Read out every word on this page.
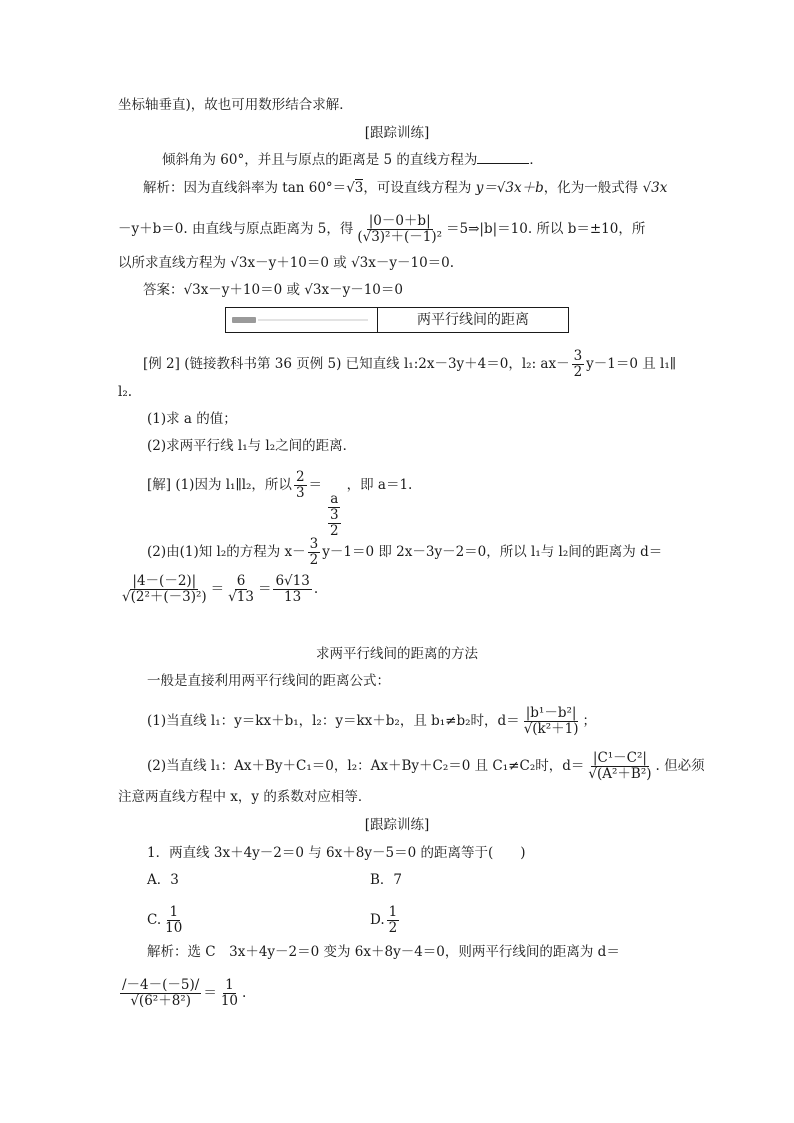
坐标轴垂直)，故也可用数形结合求解．
[跟踪训练]
倾斜角为 60°，并且与原点的距离是 5 的直线方程为	．
解析：因为直线斜率为 tan 60°＝√ 3，可设直线方程为 y＝√3x＋b，化为一般式得 √3x
－y＋b＝0. 由直线与原点距离为 5，得 $\frac{|0-0+b|}{\text{(√3)²＋(－1)²}}$ ＝5⇒|b|＝10. 所以 b＝±10，所
以所求直线方程为 √3x－y＋10＝0 或 √3x－y－10＝0.
答案：√3x－y＋10＝0 或 √3x－y－10＝0
两平行线间的距离
[例 2] (链接教科书第 36 页例 5) 已知直线 l₁:2x－3y＋4＝0，l₂: $ax- \frac{3}{2} y-1=0$ 且 l₁∥
l₂.
(1)求 a 的值；
(2)求两平行线 l₁与 l₂之间的距离．
[解] (1)因为 l₁∥l₂，所以 $\frac{2}{3}$ ＝
$\frac{a}{\frac{3}{2}}$
，即 a＝1.
(2)由(1)知 l₂的方程为 $x- \frac{3}{2} y-1=0$ 即 2x－3y－2＝0，所以 l₁与 l₂间的距离为 d＝
$\frac{|4-(-2)|}{\text{√(2²＋(－3)²)}} = \frac{6}{√13} = \frac{6√13}{13}$ .
求两平行线间的距离的方法
一般是直接利用两平行线间的距离公式：
(1)当直线 l₁：y＝kx＋b₁，l₂：y＝kx＋b₂，且 b₁≠b₂时，$d= \frac{\text{|b¹－b²|}}{\text{√(k²＋1)}}$ ；
(2)当直线 l₁：Ax＋By＋C₁＝0，l₂：Ax＋By＋C₂＝0 且 C₁≠C₂时，$d= \frac{\text{|C¹－C²|}}{\text{√(A²＋B²)}}$ . 但必须
注意两直线方程中 x，y 的系数对应相等．
[跟踪训练]
1．两直线 3x＋4y－2＝0 与 6x＋8y－5＝0 的距离等于(　　)
A．3	B．7
C. $\frac{1}{10}$	D. $\frac{1}{2}$
解析：选 C　3x＋4y－2＝0 变为 6x＋8y－4＝0，则两平行线间的距离为 d＝
$\frac{/-4-(-5)/}{\text{√(6²＋8²)}} = \frac{1}{10}$ .
